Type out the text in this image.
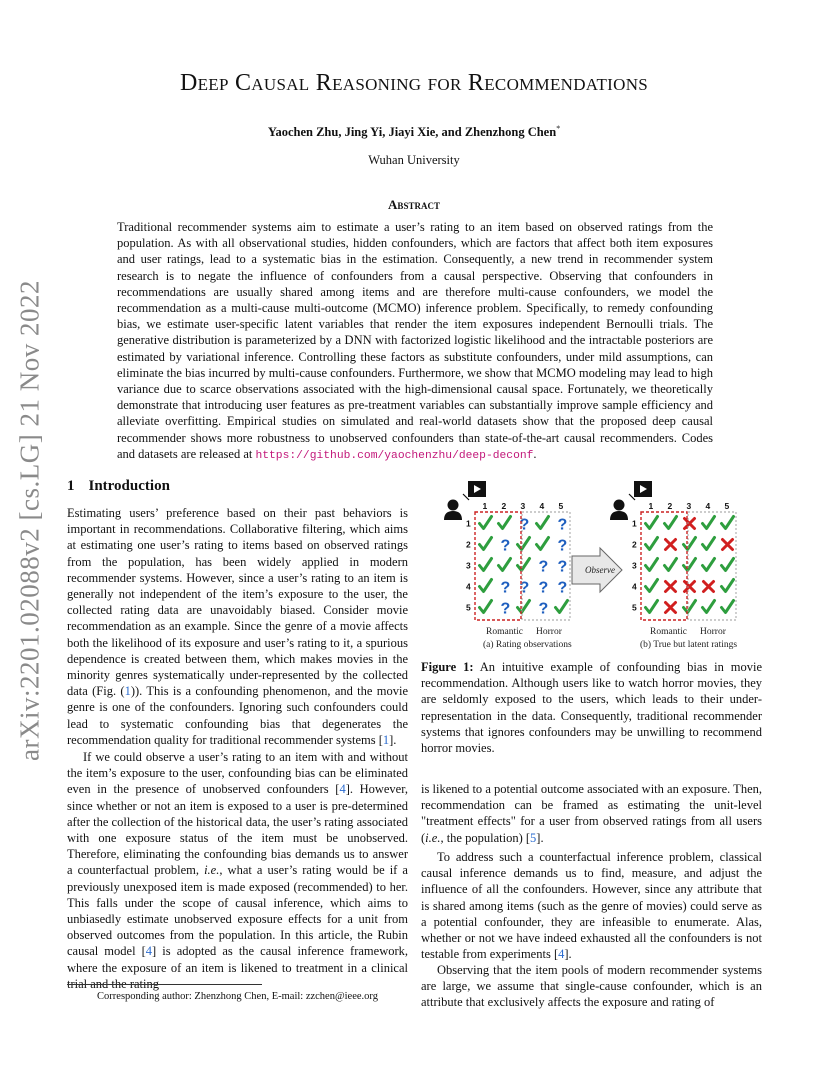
arXiv:2201.02088v2 [cs.LG] 21 Nov 2022
Deep Causal Reasoning for Recommendations
Yaochen Zhu, Jing Yi, Jiayi Xie, and Zhenzhong Chen*
Wuhan University
Abstract
Traditional recommender systems aim to estimate a user’s rating to an item based on observed ratings from the population. As with all observational studies, hidden confounders, which are factors that affect both item exposures and user ratings, lead to a systematic bias in the estimation. Consequently, a new trend in recommender system research is to negate the influence of confounders from a causal perspective. Observing that confounders in recommendations are usually shared among items and are therefore multi-cause confounders, we model the recommendation as a multi-cause multi-outcome (MCMO) inference problem. Specifically, to remedy confounding bias, we estimate user-specific latent variables that render the item exposures independent Bernoulli trials. The generative distribution is parameterized by a DNN with factorized logistic likelihood and the intractable posteriors are estimated by variational inference. Controlling these factors as substitute confounders, under mild assumptions, can eliminate the bias incurred by multi-cause confounders. Furthermore, we show that MCMO modeling may lead to high variance due to scarce observations associated with the high-dimensional causal space. Fortunately, we theoretically demonstrate that introducing user features as pre-treatment variables can substantially improve sample efficiency and alleviate overfitting. Empirical studies on simulated and real-world datasets show that the proposed deep causal recommender shows more robustness to unobserved confounders than state-of-the-art causal recommenders. Codes and datasets are released at https://github.com/yaochenzhu/deep-deconf.
1 Introduction
Estimating users’ preference based on their past behaviors is important in recommendations. Collaborative filtering, which aims at estimating one user’s rating to items based on observed ratings from the population, has been widely applied in modern recommender systems. However, since a user’s rating to an item is generally not independent of the item’s exposure to the user, the collected rating data are unavoidably biased. Consider movie recommendation as an example. Since the genre of a movie affects both the likelihood of its exposure and user’s rating to it, a spurious dependence is created between them, which makes movies in the minority genres systematically under-represented by the collected data (Fig. (1)). This is a confounding phenomenon, and the movie genre is one of the confounders. Ignoring such confounders could lead to systematic confounding bias that degenerates the recommendation quality for traditional recommender systems [1].

If we could observe a user’s rating to an item with and without the item’s exposure to the user, confounding bias can be eliminated even in the presence of unobserved confounders [4]. However, since whether or not an item is exposed to a user is pre-determined after the collection of the historical data, the user’s rating associated with one exposure status of the item must be unobserved. Therefore, eliminating the confounding bias demands us to answer a counterfactual problem, i.e., what a user’s rating would be if a previously unexposed item is made exposed (recommended) to her. This falls under the scope of causal inference, which aims to unbiasedly estimate unobserved exposure effects for a unit from observed outcomes from the population. In this article, the Rubin causal model [4] is adopted as the causal inference framework, where the exposure of an item is likened to treatment in a clinical trial and the rating

Corresponding author: Zhenzhong Chen, E-mail: zzchen@ieee.org
1 2 3 4 5
1
2
3
4
5
? ?
?	?
? ?
? ? ? ?
? ?
Romantic Horror
(a) Rating observations
Observe
1 2 3 4 5
1
2
3
4
5
Romantic Horror
(b) True but latent ratings
Figure 1: An intuitive example of confounding bias in movie recommendation. Although users like to watch horror movies, they are seldomly exposed to the users, which leads to their under-representation in the data. Consequently, traditional recommender systems that ignores confounders may be unwilling to recommend horror movies.
is likened to a potential outcome associated with an exposure. Then, recommendation can be framed as estimating the unit-level "treatment effects" for a user from observed ratings from all users (i.e., the population) [5].

To address such a counterfactual inference problem, classical causal inference demands us to find, measure, and adjust the influence of all the confounders. However, since any attribute that is shared among items (such as the genre of movies) could serve as a potential confounder, they are infeasible to enumerate. Alas, whether or not we have indeed exhausted all the confounders is not testable from experiments [4].

Observing that the item pools of modern recommender systems are large, we assume that single-cause confounder, which is an attribute that exclusively affects the exposure and rating of
